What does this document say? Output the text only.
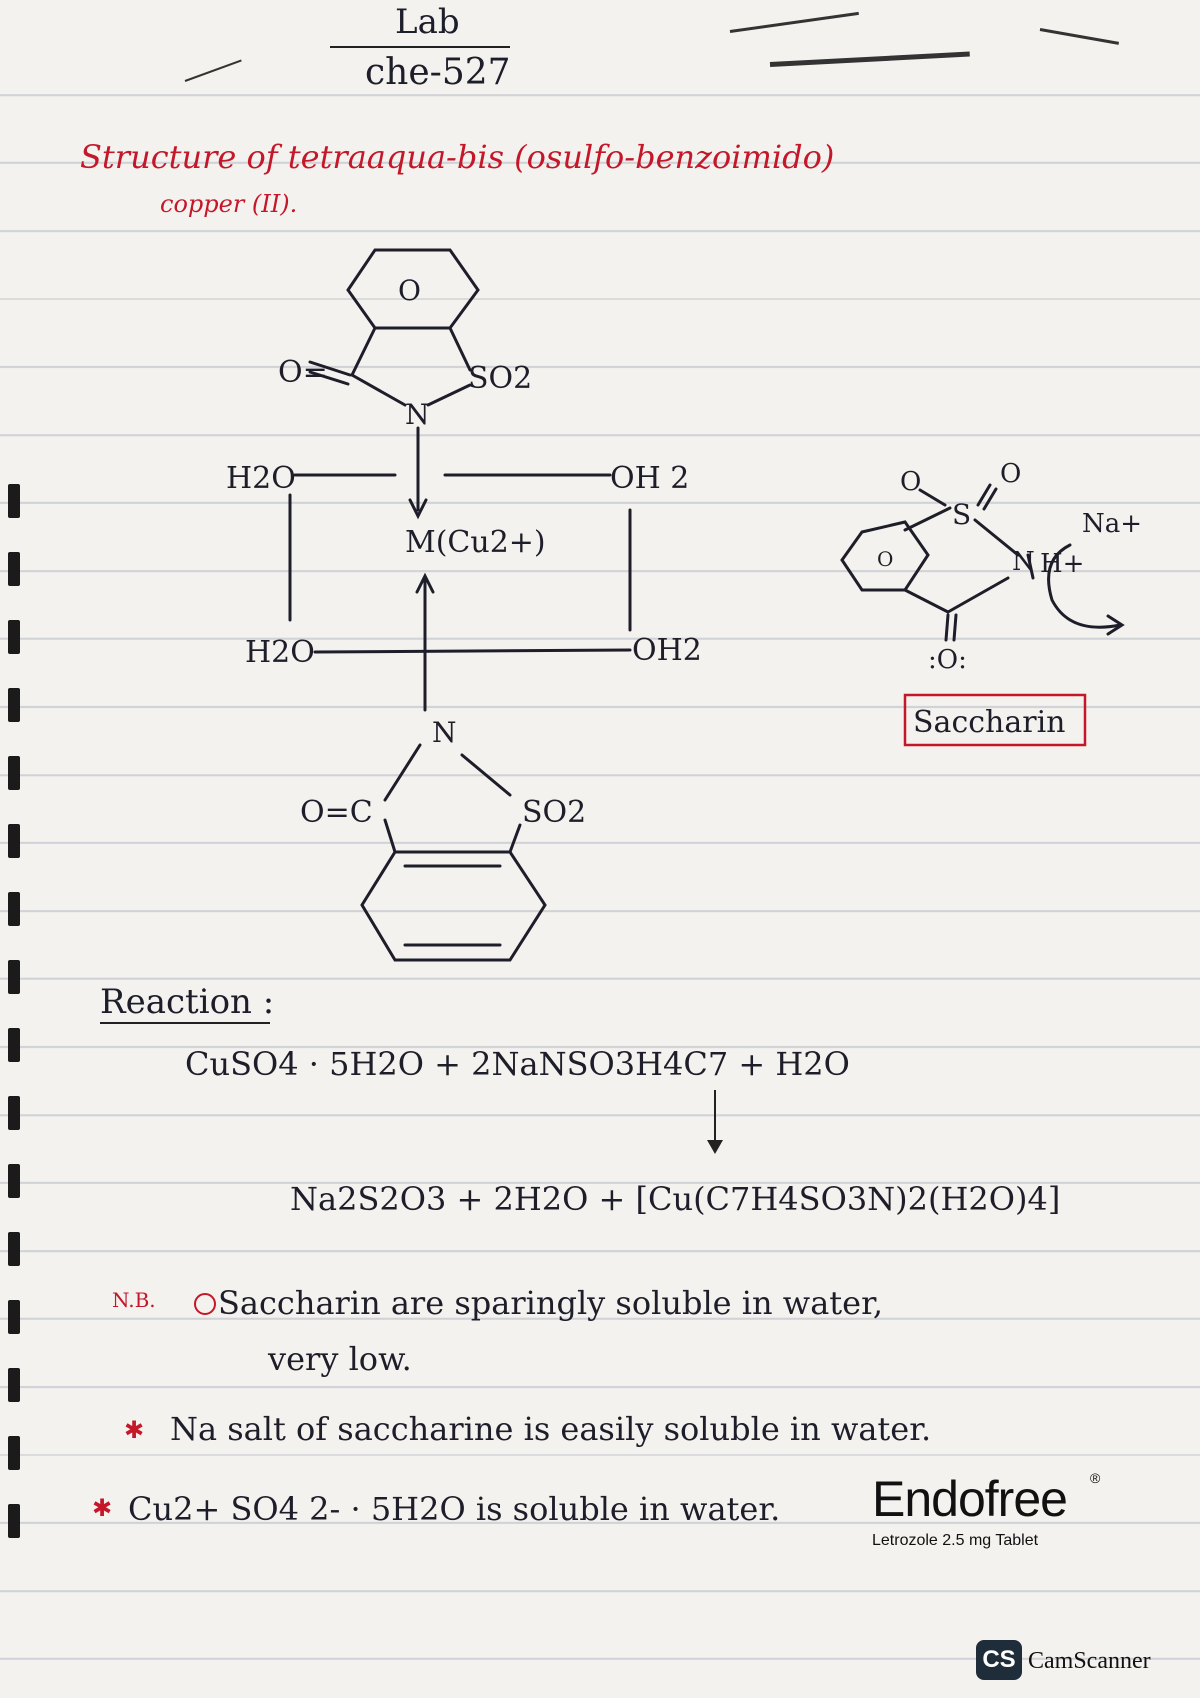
Lab
che-527
Structure of tetraaqua-bis (osulfo-benzoimido)
copper (II).
O
O=	SO2
N
H2O	OH 2
M(Cu2+)
H2O	OH2
N
O=C	SO2
O	O
S
O	N
Na+
H+
:O:
Saccharin
Reaction :
CuSO4 · 5H2O + 2NaNSO3H4C7 + H2O
Na2S2O3 + 2H2O + [Cu(C7H4SO3N)2(H2O)4]
N.B. Saccharin are sparingly soluble in water,
very low.
✱ Na salt of saccharine is easily soluble in water.
✱ Cu2+ SO4 2- · 5H2O is soluble in water. Endofree ®
Letrozole 2.5 mg Tablet
CS CamScanner
